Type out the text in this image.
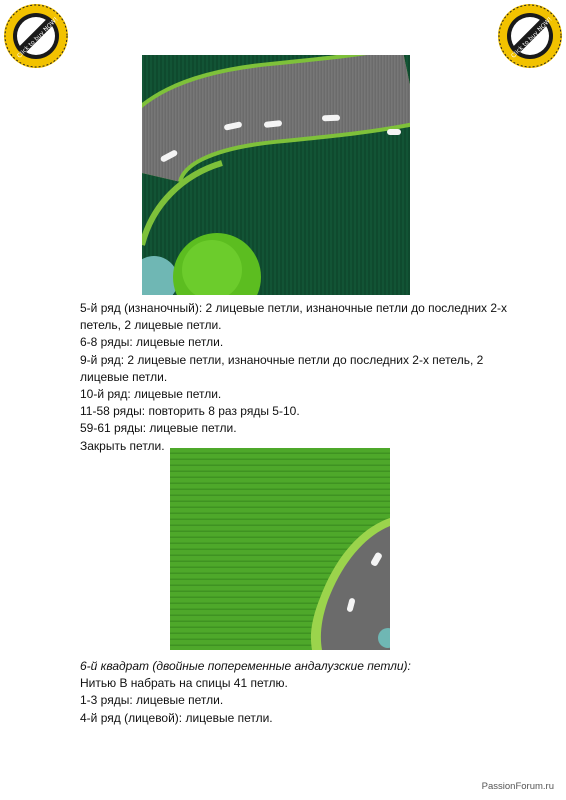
Click to buy NOW!	Click to buy NOW!

5-й ряд (изнаночный): 2 лицевые петли, изнаночные петли до последних 2-х

петель, 2 лицевые петли.

6-8 ряды: лицевые петли.

9-й ряд: 2 лицевые петли, изнаночные петли до последних 2-х петель, 2

лицевые петли.

10-й ряд: лицевые петли.

11-58 ряды: повторить 8 раз ряды 5-10.

59-61 ряды: лицевые петли.

Закрыть петли.

6-й квадрат (двойные попеременные андалузские петли):

Нитью В набрать на спицы 41 петлю.

1-3 ряды: лицевые петли.

4-й ряд (лицевой): лицевые петли.

PassionForum.ru
